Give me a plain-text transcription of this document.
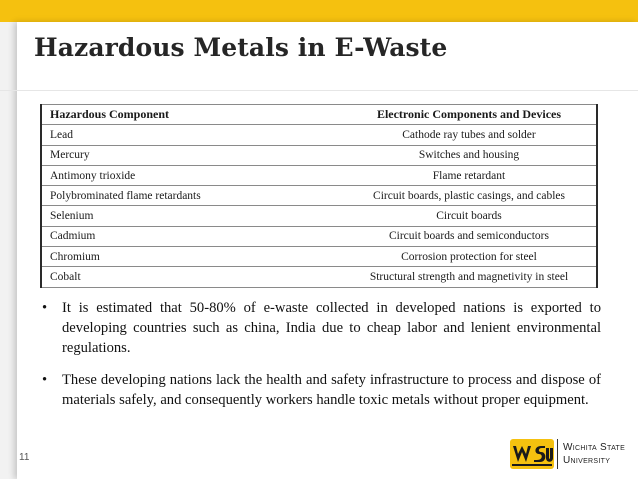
Hazardous Metals in E-Waste
Hazardous Component	Electronic Components and Devices
Lead	Cathode ray tubes and solder
Mercury	Switches and housing
Antimony trioxide	Flame retardant
Polybrominated flame retardants	Circuit boards, plastic casings, and cables
Selenium	Circuit boards
Cadmium	Circuit boards and semiconductors
Chromium	Corrosion protection for steel
Cobalt	Structural strength and magnetivity in steel
• It is estimated that 50-80% of e-waste collected in developed nations is exported to developing countries such as china, India due to cheap labor and lenient environmental regulations.
• These developing nations lack the health and safety infrastructure to process and dispose of materials safely, and consequently workers handle toxic metals without proper equipment.
11
Wichita State
University
